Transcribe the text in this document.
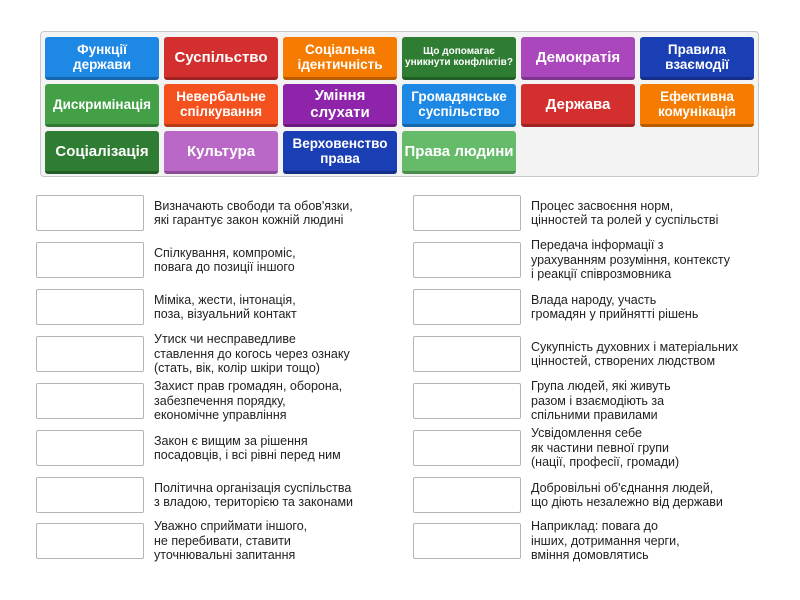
Функції держави	Суспільство	Соціальна ідентичність
Що допомагає уникнути конфліктів?	Демократія	Правила взаємодії
Дискримінація	Невербальне спілкування
Уміння слухати
Громадянське суспільство	Держава	Ефективна комунікація
Соціалізація	Культура	Верховенство права	Права людини
Визначають свободи та обов'язки,
які гарантує закон кожній людині
Спілкування, компроміс,
повага до позиції іншого
Міміка, жести, інтонація,
поза, візуальний контакт
Утиск чи несправедливе
ставлення до когось через ознаку
(стать, вік, колір шкіри тощо)
Захист прав громадян, оборона,
забезпечення порядку,
економічне управління
Закон є вищим за рішення
посадовців, і всі рівні перед ним
Політична організація суспільства
з владою, територією та законами
Уважно сприймати іншого,
не перебивати, ставити
уточнювальні запитання
Процес засвоєння норм,
цінностей та ролей у суспільстві
Передача інформації з
урахуванням розуміння, контексту
і реакції співрозмовника
Влада народу, участь
громадян у прийнятті рішень
Сукупність духовних і матеріальних
цінностей, створених людством
Група людей, які живуть
разом і взаємодіють за
спільними правилами
Усвідомлення себе
як частини певної групи
(нації, професії, громади)
Добровільні об'єднання людей,
що діють незалежно від держави
Наприклад: повага до
інших, дотримання черги,
вміння домовлятись
